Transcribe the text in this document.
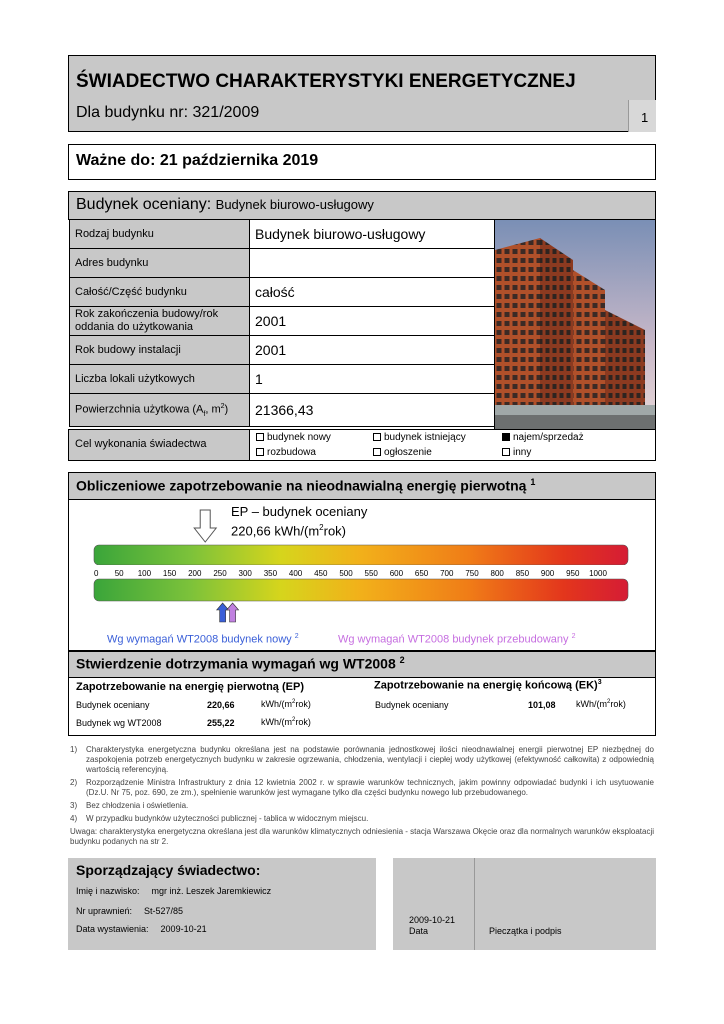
ŚWIADECTWO CHARAKTERYSTYKI ENERGETYCZNEJ
Dla budynku nr: 321/2009	1
Ważne do: 21 października 2019
Budynek oceniany: Budynek biurowo-usługowy
Rodzaj budynku	Budynek biurowo-usługowy
Adres budynku	
Całość/Część budynku	całość
Rok zakończenia budowy/rok oddania do użytkowania	2001
Rok budowy instalacji	2001
Liczba lokali użytkowych	1
Powierzchnia użytkowa ($A_f$, $m^2$)	21366,43
Cel wykonania świadectwa
budynek nowy	budynek istniejący	najem/sprzedaż
rozbudowa	ogłoszenie	inny
Obliczeniowe zapotrzebowanie na nieodnawialną energię pierwotną $^1$
EP – budynek oceniany
220,66 kWh/$(m^2rok)$
0 50 100 150 200 250 300 350 400 450 500 550 600 650 700 750 800 850 900 950 1000
Wg wymagań WT2008 budynek nowy $^2$	Wg wymagań WT2008 budynek przebudowany $^2$
Stwierdzenie dotrzymania wymagań wg WT2008 $^2$
Zapotrzebowanie na energię pierwotną (EP)	Zapotrzebowanie na energię końcową (EK)$^3$
Budynek oceniany	220,66	kWh/$(m^2rok)$
Budynek wg WT2008	255,22	kWh/$(m^2rok)$
Budynek oceniany	101,08 kWh/$(m^2rok)$
1)	Charakterystyka energetyczna budynku określana jest na podstawie porównania jednostkowej ilości nieodnawialnej energii pierwotnej EP niezbędnej do zaspokojenia potrzeb energetycznych budynku w zakresie ogrzewania, chłodzenia, wentylacji i ciepłej wody użytkowej (efektywność całkowita) z odpowiednią wartością referencyjną.
2)	Rozporządzenie Ministra Infrastruktury z dnia 12 kwietnia 2002 r. w sprawie warunków technicznych, jakim powinny odpowiadać budynki i ich usytuowanie (Dz.U. Nr 75, poz. 690, ze zm.), spełnienie warunków jest wymagane tylko dla części budynku nowego lub przebudowanego.
3)	Bez chłodzenia i oświetlenia.
4)	W przypadku budynków użyteczności publicznej - tablica w widocznym miejscu.
Uwaga: charakterystyka energetyczna określana jest dla warunków klimatycznych odniesienia - stacja Warszawa Okęcie oraz dla normalnych warunków eksploatacji budynku podanych na str 2.
Sporządzający świadectwo:
Imię i nazwisko: mgr inż. Leszek Jaremkiewicz
Nr uprawnień: St-527/85
Data wystawienia: 2009-10-21
2009-10-21
Data	Pieczątka i podpis
